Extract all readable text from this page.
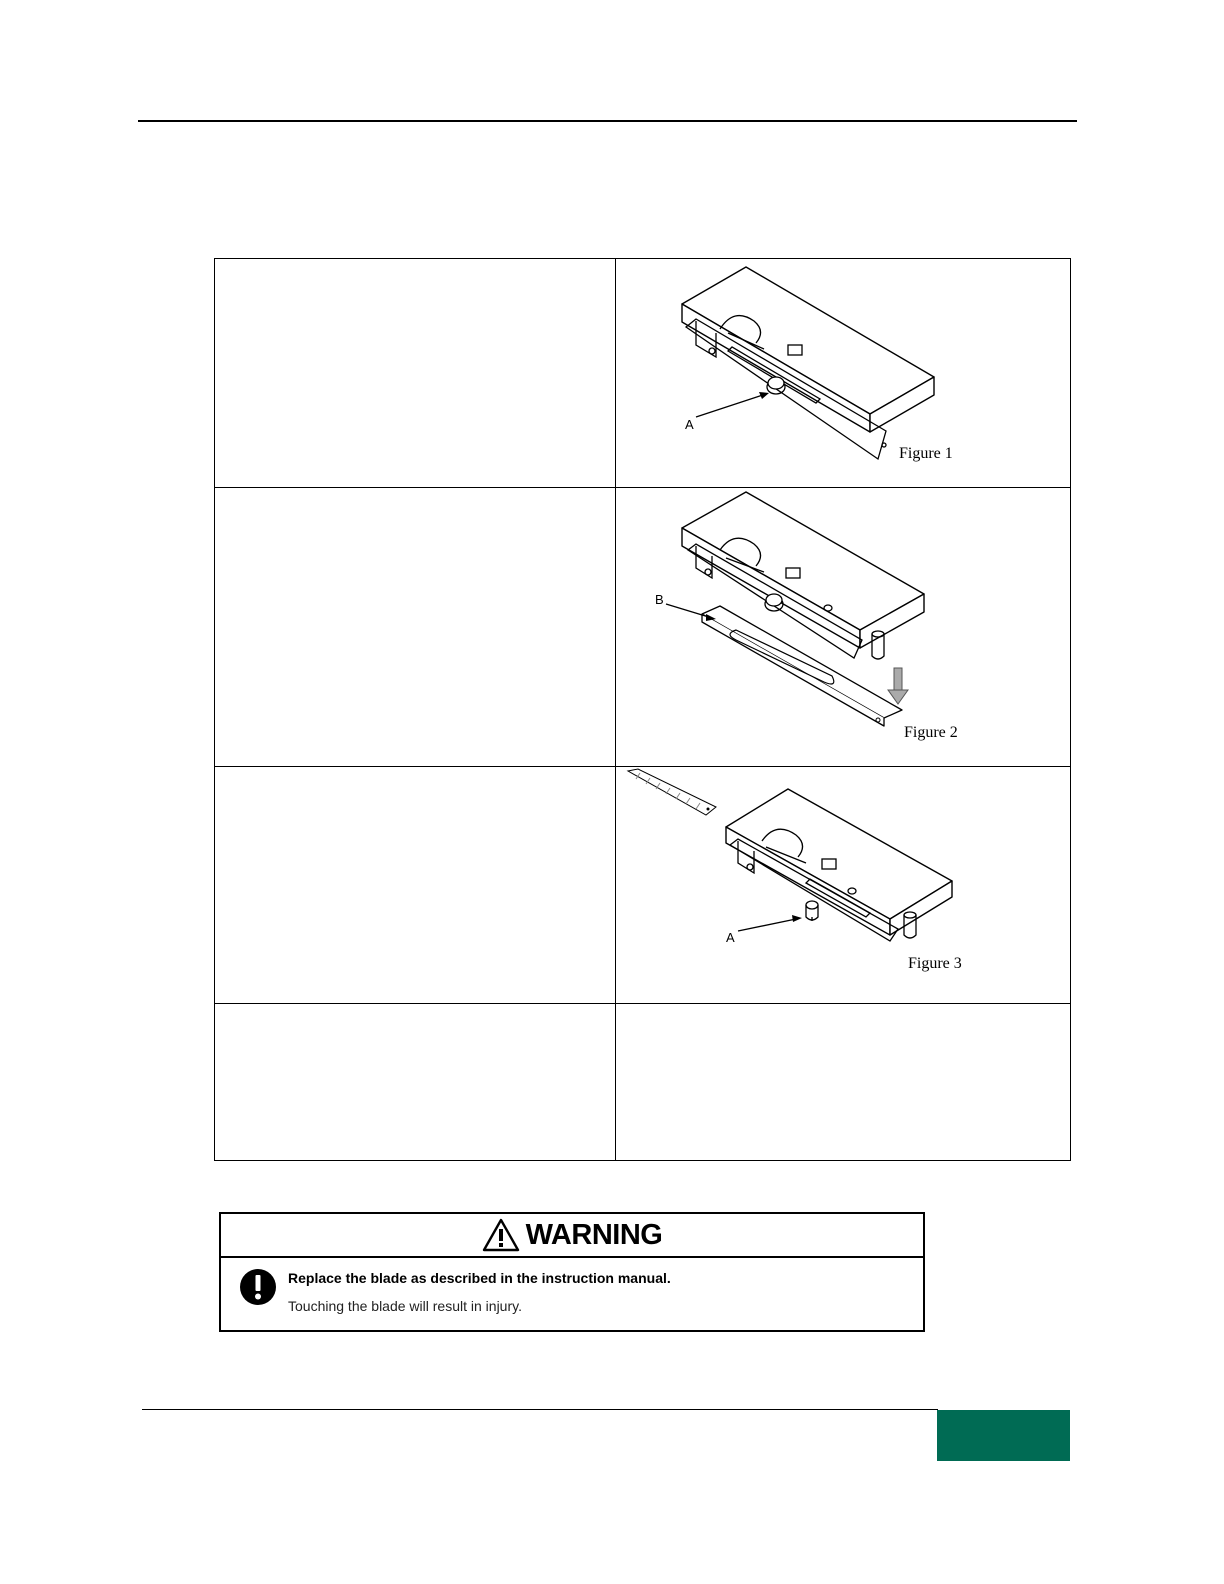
	A
Figure 1

	B
Figure 2

	A
Figure 3

WARNING
Replace the blade as described in the instruction manual.
Touching the blade will result in injury.
